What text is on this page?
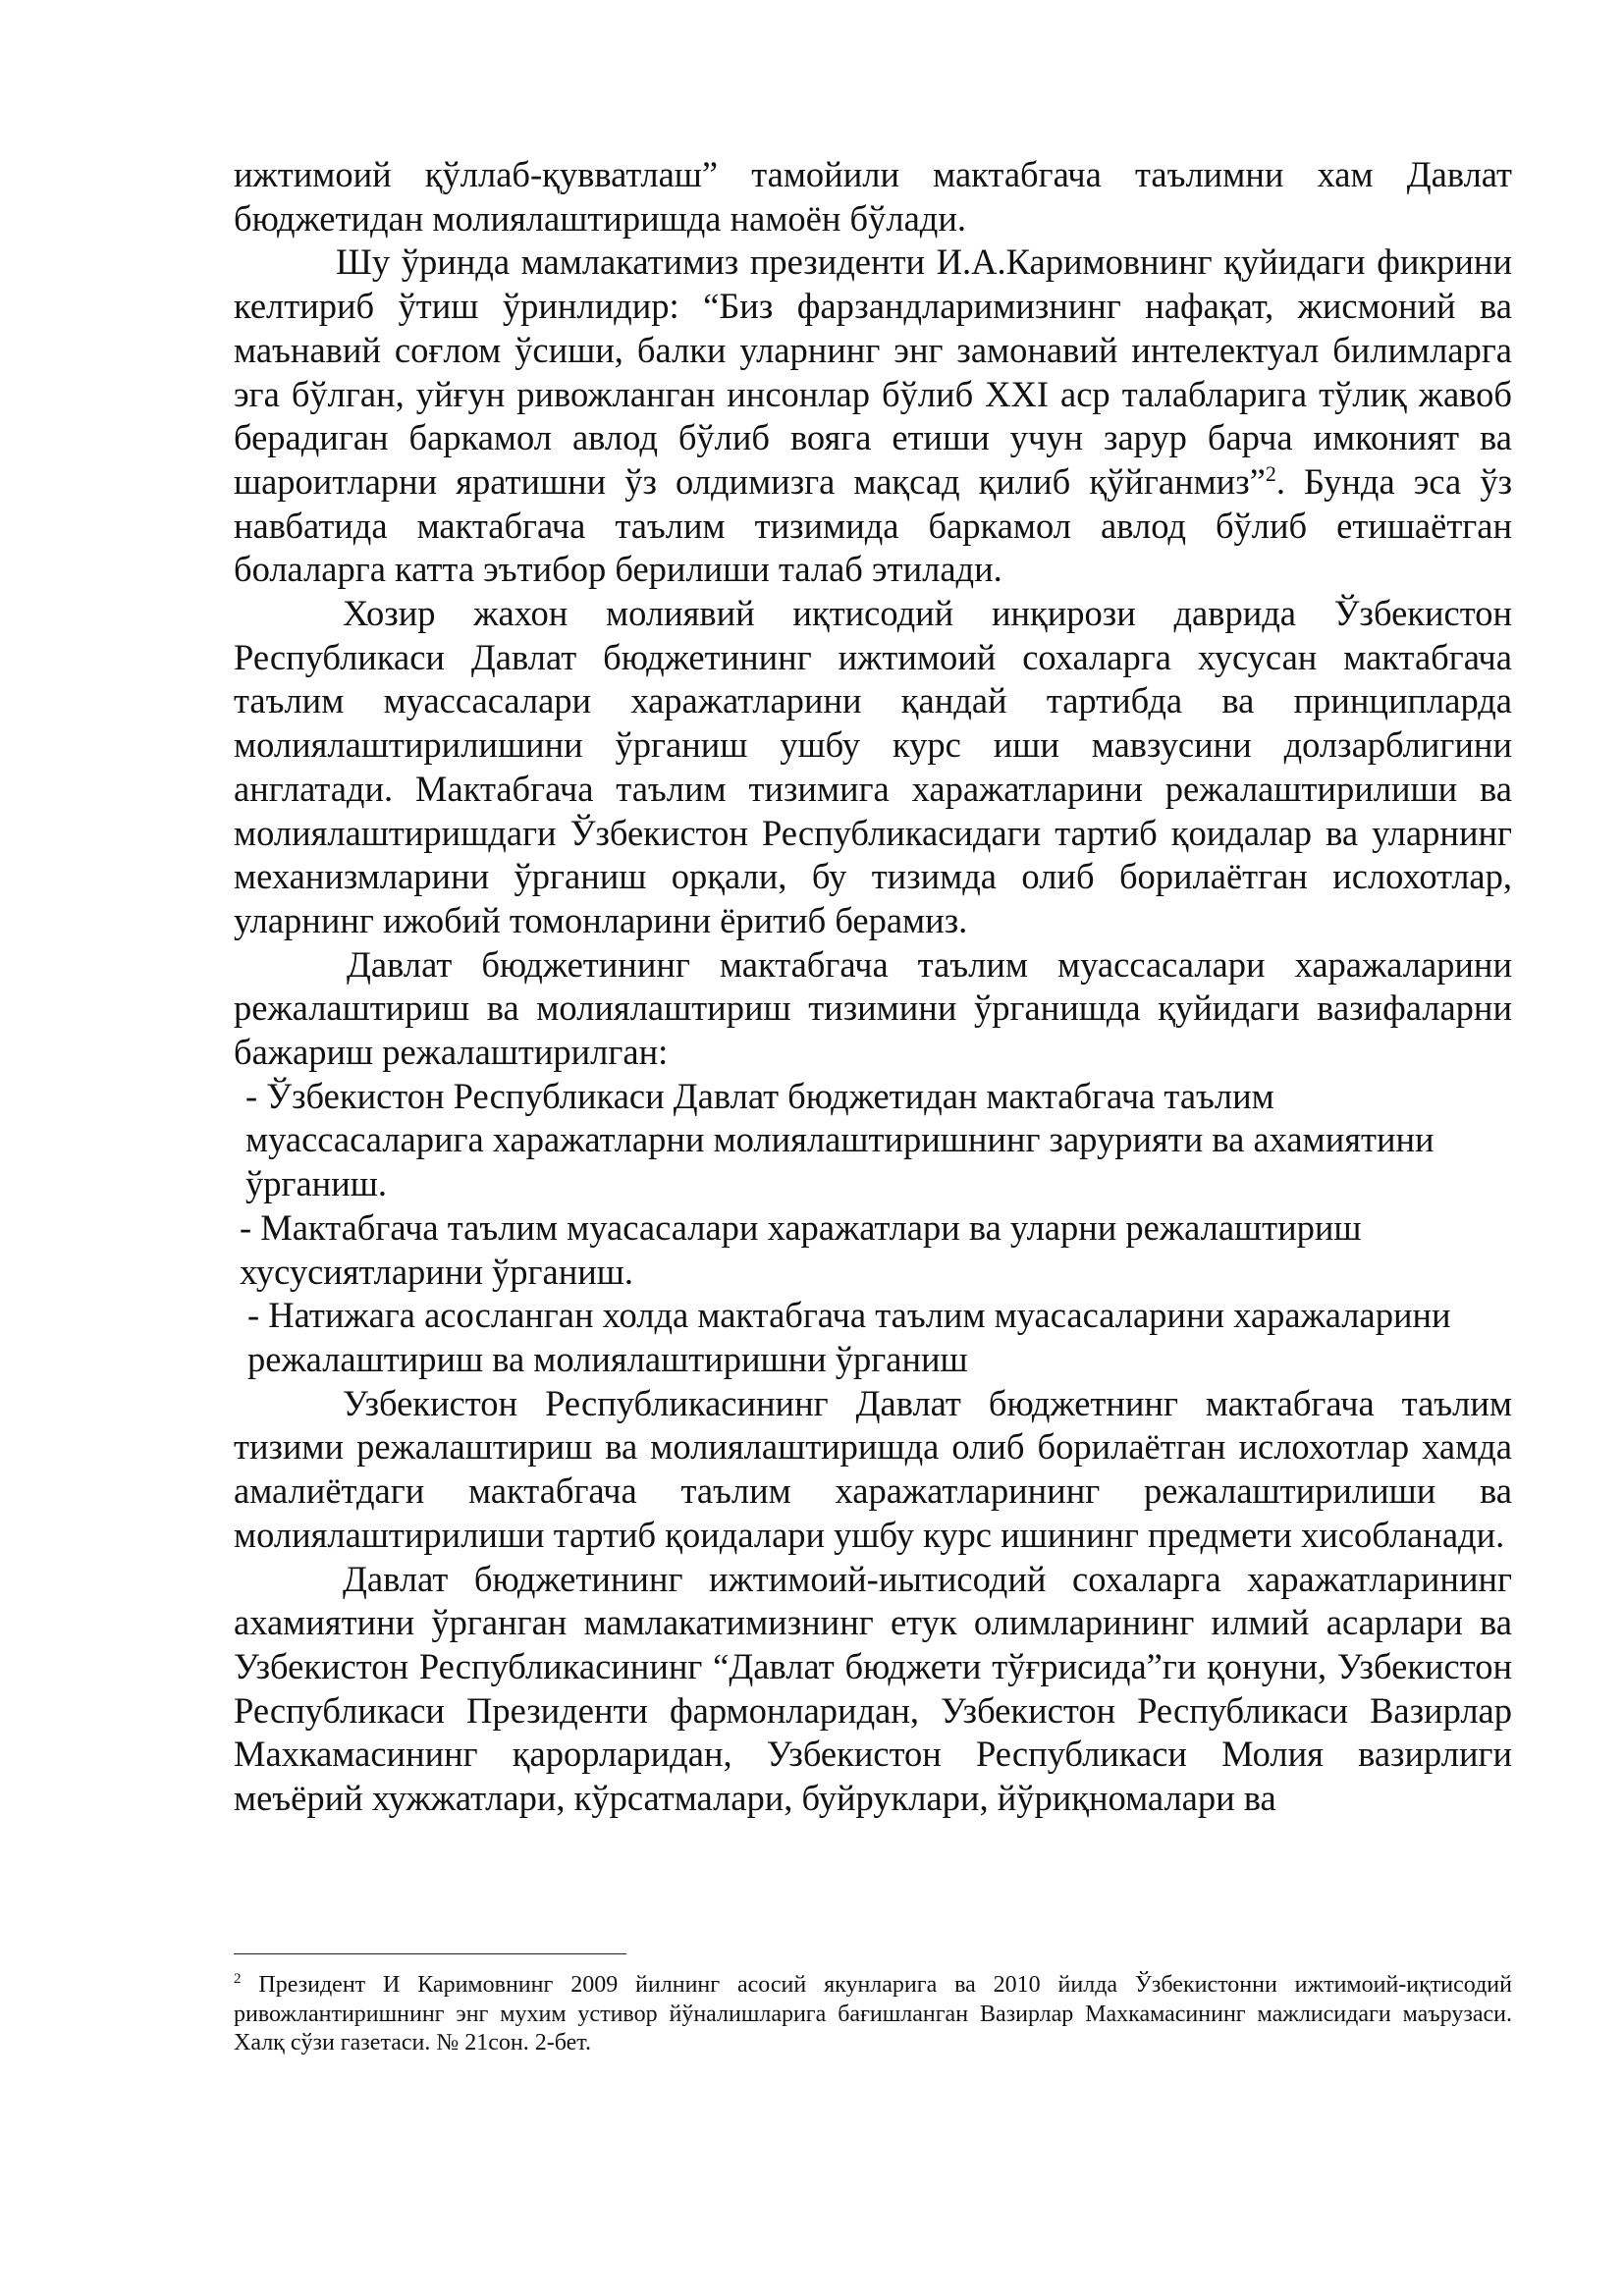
ижтимоий қўллаб-қувватлаш” тамойили мактабгача таълимни хам Давлат бюджетидан молиялаштиришда намоён бўлади.

Шу ўринда мамлакатимиз президенти И.А.Каримовнинг қуйидаги фикрини келтириб ўтиш ўринлидир: “Биз фарзандларимизнинг нафақат, жисмоний ва маънавий соғлом ўсиши, балки уларнинг энг замонавий интелектуал билимларга эга бўлган, уйғун ривожланган инсонлар бўлиб XXI аср талабларига тўлиқ жавоб берадиган баркамол авлод бўлиб вояга етиши учун зарур барча имконият ва шароитларни яратишни ўз олдимизга мақсад қилиб қўйганмиз”$^2$. Бунда эса ўз навбатида мактабгача таълим тизимида баркамол авлод бўлиб етишаётган болаларга катта эътибор берилиши талаб этилади.

Хозир жахон молиявий иқтисодий инқирози даврида Ўзбекистон Республикаси Давлат бюджетининг ижтимоий сохаларга хусусан мактабгача таълим муассасалари харажатларини қандай тартибда ва принципларда молиялаштирилишини ўрганиш ушбу курс иши мавзусини долзарблигини англатади. Мактабгача таълим тизимига харажатларини режалаштирилиши ва молиялаштиришдаги Ўзбекистон Республикасидаги тартиб қоидалар ва уларнинг механизмларини ўрганиш орқали, бу тизимда олиб борилаётган ислохотлар, уларнинг ижобий томонларини ёритиб берамиз.

Давлат бюджетининг мактабгача таълим муассасалари харажаларини режалаштириш ва молиялаштириш тизимини ўрганишда қуйидаги вазифаларни бажариш режалаштирилган:

- Ўзбекистон Республикаси Давлат бюджетидан мактабгача таълим муассасаларига харажатларни молиялаштиришнинг зарурияти ва ахамиятини ўрганиш.

- Мактабгача таълим муасасалари харажатлари ва уларни режалаштириш хусусиятларини ўрганиш.

- Натижага асосланган холда мактабгача таълим муасасаларини харажаларини режалаштириш ва молиялаштиришни ўрганиш

Узбекистон Республикасининг Давлат бюджетнинг мактабгача таълим тизими режалаштириш ва молиялаштиришда олиб борилаётган ислохотлар хамда амалиётдаги мактабгача таълим харажатларининг режалаштирилиши ва молиялаштирилиши тартиб қоидалари ушбу курс ишининг предмети хисобланади.

Давлат бюджетининг ижтимоий-иытисодий сохаларга харажатларининг ахамиятини ўрганган мамлакатимизнинг етук олимларининг илмий асарлари ва Узбекистон Республикасининг “Давлат бюджети тўғрисида”ги қонуни, Узбекистон Республикаси Президенти фармонларидан, Узбекистон Республикаси Вазирлар Махкамасининг қарорларидан, Узбекистон Республикаси Молия вазирлиги меъёрий хужжатлари, кўрсатмалари, буйруклари, йўриқномалари ва

$^2$ Президент И Каримовнинг 2009 йилнинг асосий якунларига ва 2010 йилда Ўзбекистонни ижтимоий-иқтисодий ривожлантиришнинг энг мухим устивор йўналишларига бағишланган Вазирлар Махкамасининг мажлисидаги маърузаси. Халқ сўзи газетаси. № 21сон. 2-бет.
